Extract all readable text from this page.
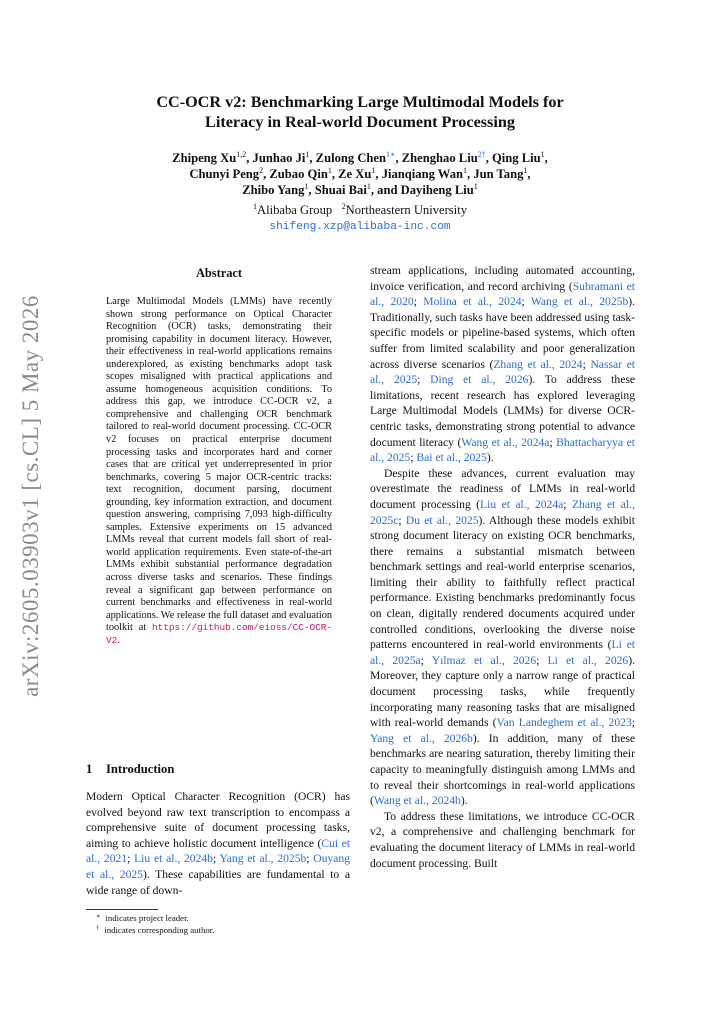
arXiv:2605.03903v1 [cs.CL] 5 May 2026
CC-OCR v2: Benchmarking Large Multimodal Models for
Literacy in Real-world Document Processing
Zhipeng Xu$^{1,2}$, Junhao Ji$^1$, Zulong Chen$^{1∗}$, Zhenghao Liu$^{2\dagger}$, Qing Liu$^1$,
Chunyi Peng$^2$, Zubao Qin$^1$, Ze Xu$^1$, Jianqiang Wan$^1$, Jun Tang$^1$,
Zhibo Yang$^1$, Shuai Bai$^1$, and Dayiheng Liu$^1$
$^1$Alibaba Group $^2$Northeastern University
shifeng.xzp@alibaba-inc.com
Abstract
Large Multimodal Models (LMMs) have recently shown strong performance on Optical Character Recognition (OCR) tasks, demonstrating their promising capability in document literacy. However, their effectiveness in real-world applications remains underexplored, as existing benchmarks adopt task scopes misaligned with practical applications and assume homogeneous acquisition conditions. To address this gap, we introduce CC-OCR v2, a comprehensive and challenging OCR benchmark tailored to real-world document processing. CC-OCR v2 focuses on practical enterprise document processing tasks and incorporates hard and corner cases that are critical yet underrepresented in prior benchmarks, covering 5 major OCR-centric tracks: text recognition, document parsing, document grounding, key information extraction, and document question answering, comprising 7,093 high-difficulty samples. Extensive experiments on 15 advanced LMMs reveal that current models fall short of real-world application requirements. Even state-of-the-art LMMs exhibit substantial performance degradation across diverse tasks and scenarios. These findings reveal a significant gap between performance on current benchmarks and effectiveness in real-world applications. We release the full dataset and evaluation toolkit at https://github.com/eioss/CC-OCR-V2.
1 Introduction
Modern Optical Character Recognition (OCR) has evolved beyond raw text transcription to encompass a comprehensive suite of document processing tasks, aiming to achieve holistic document intelligence (Cui et al., 2021; Liu et al., 2024b; Yang et al., 2025b; Ouyang et al., 2025). These capabilities are fundamental to a wide range of down-
∗ indicates project leader.
† indicates corresponding author.

stream applications, including automated accounting, invoice verification, and record archiving (Subramani et al., 2020; Molina et al., 2024; Wang et al., 2025b). Traditionally, such tasks have been addressed using task-specific models or pipeline-based systems, which often suffer from limited scalability and poor generalization across diverse scenarios (Zhang et al., 2024; Nassar et al., 2025; Ding et al., 2026). To address these limitations, recent research has explored leveraging Large Multimodal Models (LMMs) for diverse OCR-centric tasks, demonstrating strong potential to advance document literacy (Wang et al., 2024a; Bhattacharyya et al., 2025; Bai et al., 2025).

Despite these advances, current evaluation may overestimate the readiness of LMMs in real-world document processing (Liu et al., 2024a; Zhang et al., 2025c; Du et al., 2025). Although these models exhibit strong document literacy on existing OCR benchmarks, there remains a substantial mismatch between benchmark settings and real-world enterprise scenarios, limiting their ability to faithfully reflect practical performance. Existing benchmarks predominantly focus on clean, digitally rendered documents acquired under controlled conditions, overlooking the diverse noise patterns encountered in real-world environments (Li et al., 2025a; Yılmaz et al., 2026; Li et al., 2026). Moreover, they capture only a narrow range of practical document processing tasks, while frequently incorporating many reasoning tasks that are misaligned with real-world demands (Van Landeghem et al., 2023; Yang et al., 2026b). In addition, many of these benchmarks are nearing saturation, thereby limiting their capacity to meaningfully distinguish among LMMs and to reveal their shortcomings in real-world applications (Wang et al., 2024b).

To address these limitations, we introduce CC-OCR v2, a comprehensive and challenging benchmark for evaluating the document literacy of LMMs in real-world document processing. Built
